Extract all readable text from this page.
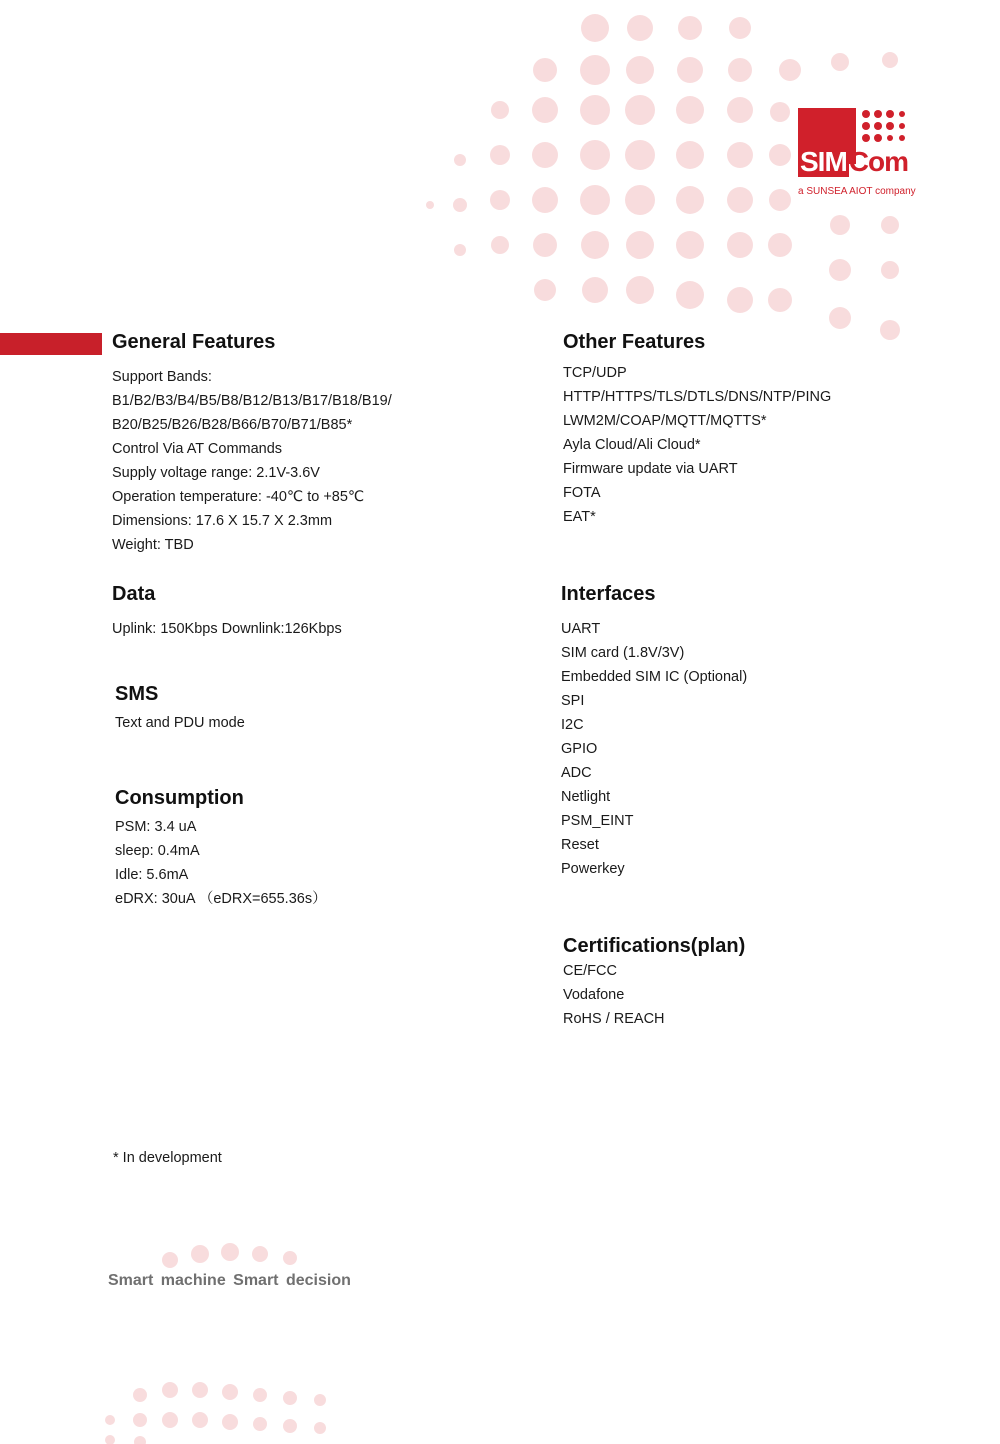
SIMCom
a SUNSEA AIOT company
General Features
Support Bands:
B1/B2/B3/B4/B5/B8/B12/B13/B17/B18/B19/
B20/B25/B26/B28/B66/B70/B71/B85*
Control Via AT Commands
Supply voltage range: 2.1V-3.6V
Operation temperature: -40℃ to +85℃
Dimensions: 17.6 X 15.7 X 2.3mm
Weight: TBD
Other Features
TCP/UDP
HTTP/HTTPS/TLS/DTLS/DNS/NTP/PING
LWM2M/COAP/MQTT/MQTTS*
Ayla Cloud/Ali Cloud*
Firmware update via UART
FOTA
EAT*
Data
Uplink: 150Kbps Downlink:126Kbps
Interfaces
UART
SIM card (1.8V/3V)
Embedded SIM IC (Optional)
SPI
I2C
GPIO
ADC
Netlight
PSM_EINT
Reset
Powerkey
SMS
Text and PDU mode
Consumption
PSM: 3.4 uA
sleep: 0.4mA
Idle: 5.6mA
eDRX: 30uA （eDRX=655.36s）
Certifications(plan)
CE/FCC
Vodafone
RoHS / REACH
* In development
Smart machine Smart decision
